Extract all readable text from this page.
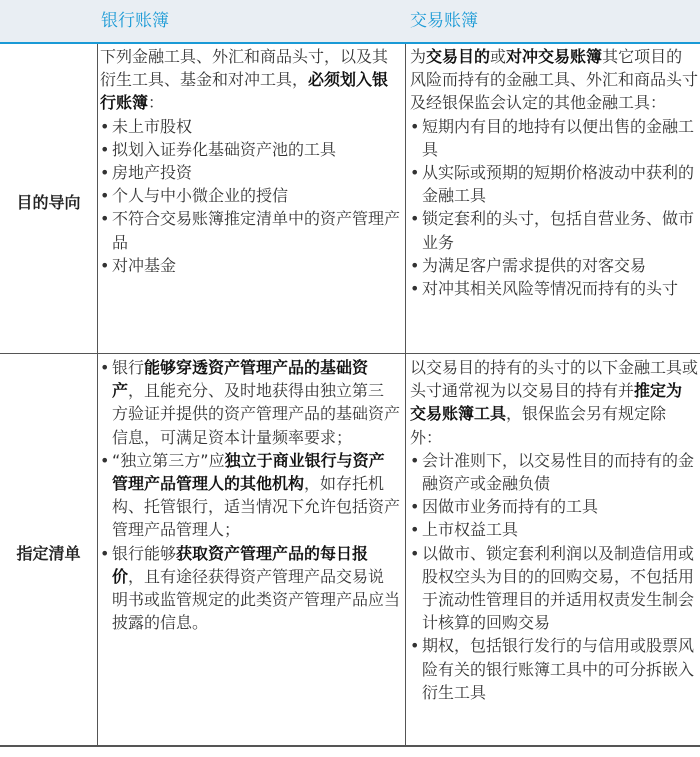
银行账簿	交易账簿
目的导向
指定清单

下列金融工具、外汇和商品头寸，以及其衍生工具、基金和对冲工具，必须划入银行账簿：

• 未上市股权

• 拟划入证券化基础资产池的工具

• 房地产投资

• 个人与中小微企业的授信

• 不符合交易账簿推定清单中的资产管理产品

• 对冲基金

为交易目的或对冲交易账簿其它项目的风险而持有的金融工具、外汇和商品头寸及经银保监会认定的其他金融工具：

• 短期内有目的地持有以便出售的金融工具

• 从实际或预期的短期价格波动中获利的金融工具

• 锁定套利的头寸，包括自营业务、做市业务

• 为满足客户需求提供的对客交易

• 对冲其相关风险等情况而持有的头寸

• 银行能够穿透资产管理产品的基础资产，且能充分、及时地获得由独立第三方验证并提供的资产管理产品的基础资产信息，可满足资本计量频率要求；

• “独立第三方”应独立于商业银行与资产管理产品管理人的其他机构，如存托机构、托管银行，适当情况下允许包括资产管理产品管理人；

• 银行能够获取资产管理产品的每日报价，且有途径获得资产管理产品交易说明书或监管规定的此类资产管理产品应当披露的信息。

以交易目的持有的头寸的以下金融工具或头寸通常视为以交易目的持有并推定为交易账簿工具，银保监会另有规定除外：

• 会计准则下，以交易性目的而持有的金融资产或金融负债

• 因做市业务而持有的工具

• 上市权益工具

• 以做市、锁定套利利润以及制造信用或股权空头为目的的回购交易，不包括用于流动性管理目的并适用权责发生制会计核算的回购交易

• 期权，包括银行发行的与信用或股票风险有关的银行账簿工具中的可分拆嵌入衍生工具
